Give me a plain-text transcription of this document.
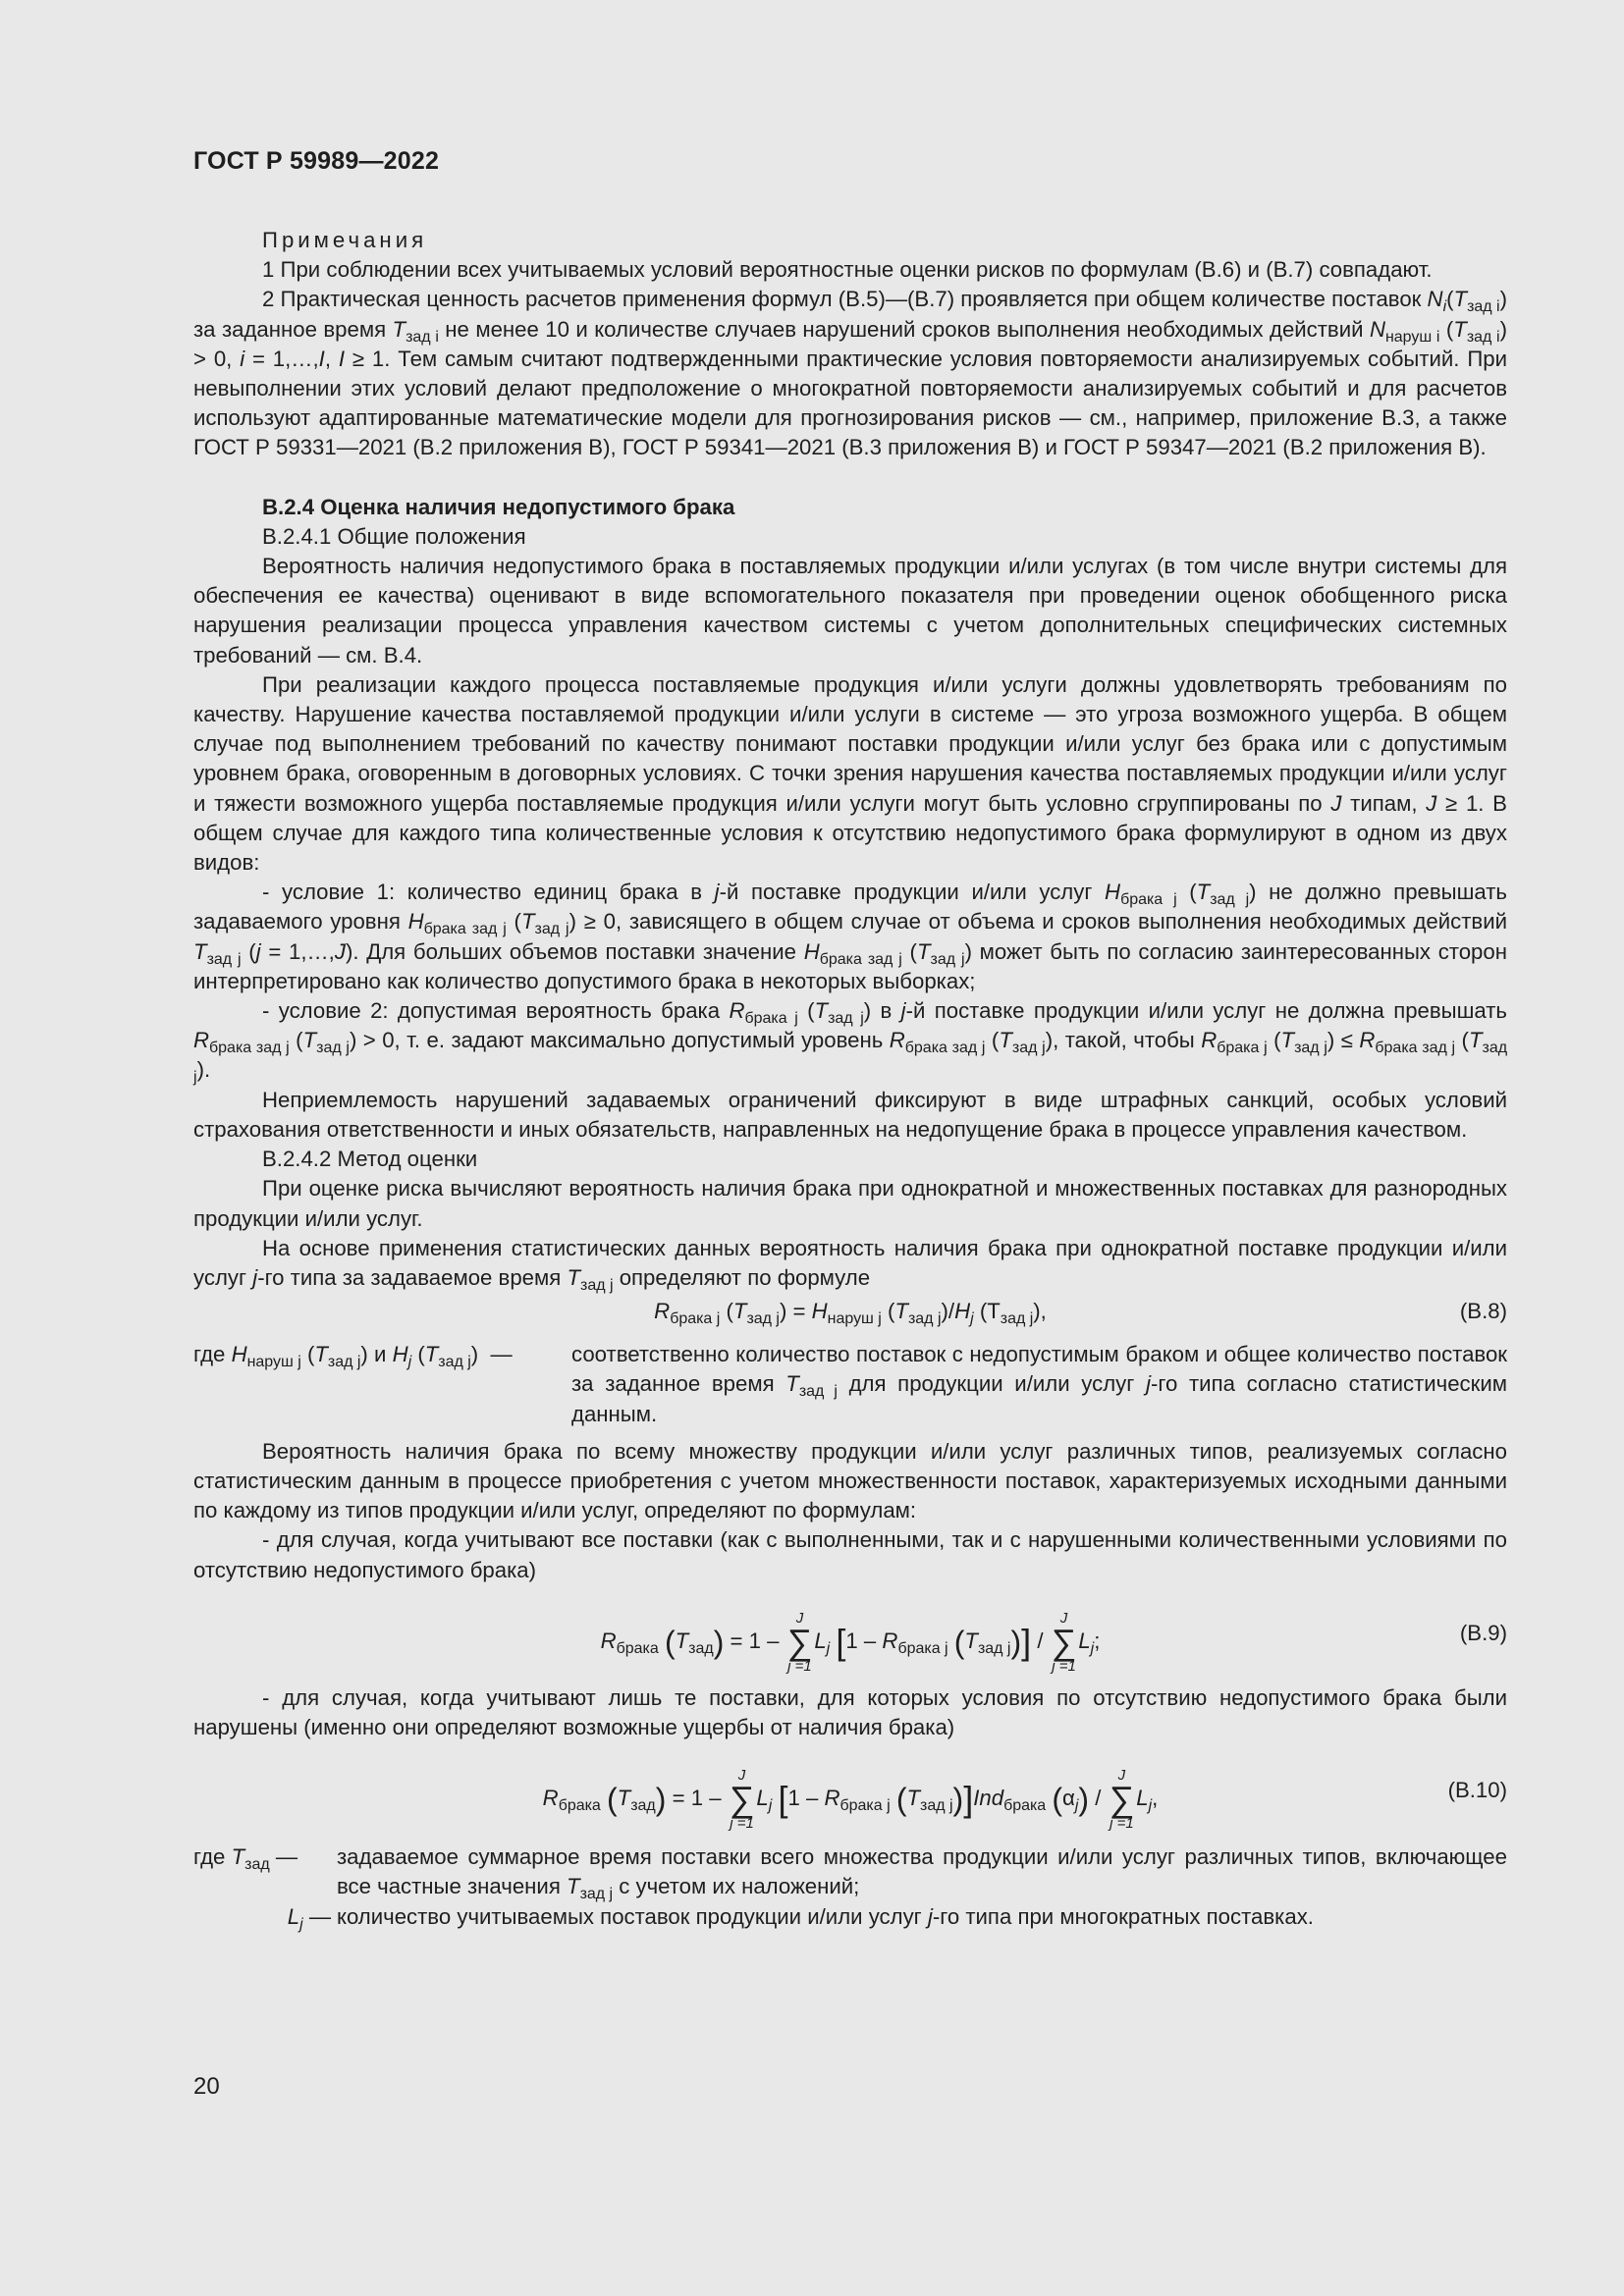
ГОСТ Р 59989—2022

Примечания

1 При соблюдении всех учитываемых условий вероятностные оценки рисков по формулам (В.6) и (В.7) совпадают.

2 Практическая ценность расчетов применения формул (В.5)—(В.7) проявляется при общем количестве поставок $N_i(T_{зад i})$ за заданное время $T_{зад i}$ не менее 10 и количестве случаев нарушений сроков выполнения необходимых действий $N_{наруш i}$ $(T_{зад i}) > 0$, i = 1,…,I, I ≥ 1. Тем самым считают подтвержденными практические условия повторяемости анализируемых событий. При невыполнении этих условий делают предположение о многократной повторяемости анализируемых событий и для расчетов используют адаптированные математические модели для прогнозирования рисков — см., например, приложение В.3, а также ГОСТ Р 59331—2021 (В.2 приложения В), ГОСТ Р 59341—2021 (В.3 приложения В) и ГОСТ Р 59347—2021 (В.2 приложения В).

В.2.4 Оценка наличия недопустимого брака

В.2.4.1 Общие положения

Вероятность наличия недопустимого брака в поставляемых продукции и/или услугах (в том числе внутри системы для обеспечения ее качества) оценивают в виде вспомогательного показателя при проведении оценок обобщенного риска нарушения реализации процесса управления качеством системы с учетом дополнительных специфических системных требований — см. В.4.

При реализации каждого процесса поставляемые продукция и/или услуги должны удовлетворять требованиям по качеству. Нарушение качества поставляемой продукции и/или услуги в системе — это угроза возможного ущерба. В общем случае под выполнением требований по качеству понимают поставки продукции и/или услуг без брака или с допустимым уровнем брака, оговоренным в договорных условиях. С точки зрения нарушения качества поставляемых продукции и/или услуг и тяжести возможного ущерба поставляемые продукция и/или услуги могут быть условно сгруппированы по J типам, J ≥ 1. В общем случае для каждого типа количественные условия к отсутствию недопустимого брака формулируют в одном из двух видов:

- условие 1: количество единиц брака в j-й поставке продукции и/или услуг $H_{брака j}$ $(T_{зад j})$ не должно превышать задаваемого уровня $H_{брака зад j}$ $(T_{зад j}) \ge 0$, зависящего в общем случае от объема и сроков выполнения необходимых действий $T_{зад j}$ (j = 1,…,J). Для больших объемов поставки значение $H_{брака зад j}$ $(T_{зад j})$ может быть по согласию заинтересованных сторон интерпретировано как количество допустимого брака в некоторых выборках;

- условие 2: допустимая вероятность брака $R_{брака j}$ $(T_{зад j})$ в j-й поставке продукции и/или услуг не должна превышать $R_{брака зад j}$ $(T_{зад j}) > 0$, т. е. задают максимально допустимый уровень $R_{брака зад j}$ $(T_{зад j})$, такой, чтобы $R_{брака j}$ $(T_{зад j}) \le R_{брака зад j}$ $(T_{зад j})$.

Неприемлемость нарушений задаваемых ограничений фиксируют в виде штрафных санкций, особых условий страхования ответственности и иных обязательств, направленных на недопущение брака в процессе управления качеством.

В.2.4.2 Метод оценки

При оценке риска вычисляют вероятность наличия брака при однократной и множественных поставках для разнородных продукции и/или услуг.

На основе применения статистических данных вероятность наличия брака при однократной поставке продукции и/или услуг j-го типа за задаваемое время $T_{зад j}$ определяют по формуле

$R_{брака j}$ $(T_{зад j}) = H_{наруш j}$ $(T_{зад j})/H_j$ $(Т_{зад j})$,	(В.8)
где $H_{наруш j}$ $(T_{зад j})$ и $H_j$ $(T_{зад j})$  —	соответственно количество поставок с недопустимым браком и общее количество поставок за заданное время $T_{зад j}$ для продукции и/или услуг j-го типа согласно статистическим данным.

Вероятность наличия брака по всему множеству продукции и/или услуг различных типов, реализуемых согласно статистическим данным в процессе приобретения с учетом множественности поставок, характеризуемых исходными данными по каждому из типов продукции и/или услуг, определяют по формулам:

- для случая, когда учитывают все поставки (как с выполненными, так и с нарушенными количественными условиями по отсутствию недопустимого брака)

$R_{брака}$ $(T_{зад}) = 1$ –
J
∑
j =1
$L_j$ [$1 - R_{брака j}$ $(T_{зад j})$] /
J
∑
j =1
$L_j$;	(В.9)

- для случая, когда учитывают лишь те поставки, для которых условия по отсутствию недопустимого брака были нарушены (именно они определяют возможные ущербы от наличия брака)

$R_{брака}$ $(T_{зад}) = 1$ –
J
∑
j =1
$L_j$ [$1 - R_{брака j}$ $(T_{зад j})]Ind_{брака}$ $(\alpha_j)$ /
J
∑
j =1
$L_j$,	(В.10)
где $T_{зад}$ —	задаваемое суммарное время поставки всего множества продукции и/или услуг различных типов, включающее все частные значения $T_{зад j}$ с учетом их наложений;
$L_j$ — количество учитываемых поставок продукции и/или услуг j-го типа при многократных поставках.
20
